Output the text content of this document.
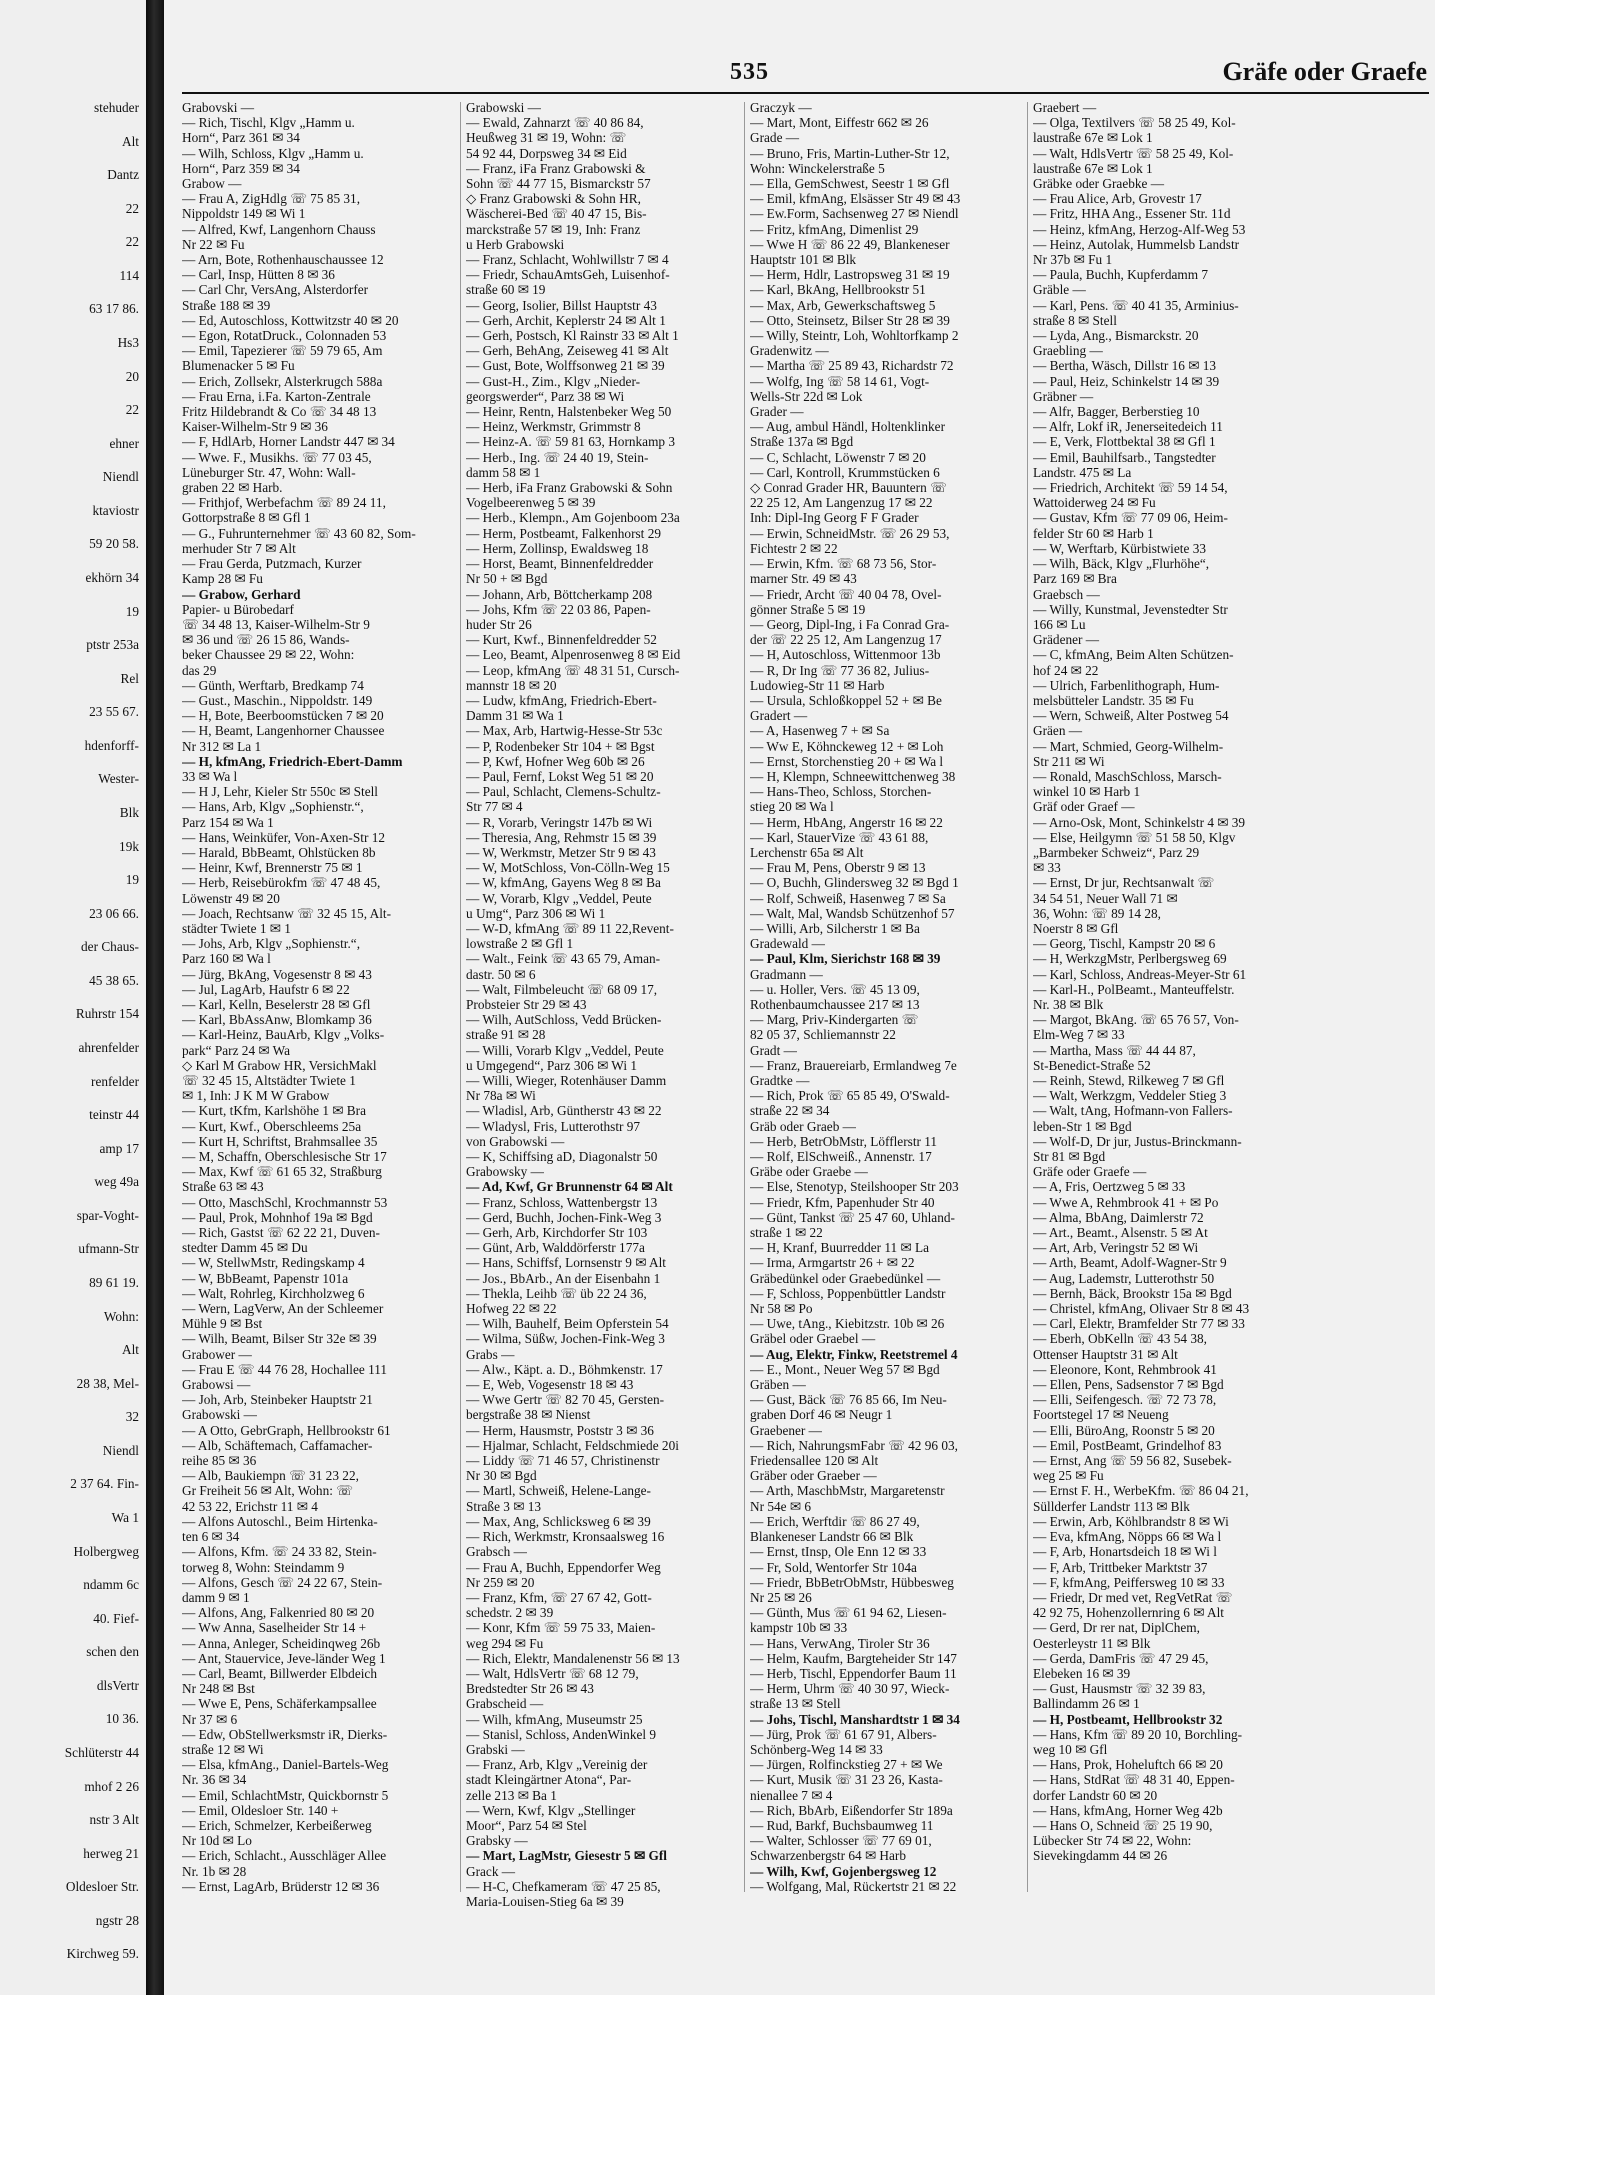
stehuder
Alt
Dantz
22
22
114
63 17 86.
Hs3
20
22
ehner
Niendl
ktaviostr
59 20 58.
ekhörn 34
19
ptstr 253a
Rel
23 55 67.
hdenforff-
Wester-
Blk
19k
19
23 06 66.
der Chaus-
45 38 65.
Ruhrstr 154
ahrenfelder
renfelder
teinstr 44
amp 17
weg 49a
spar-Voght-
ufmann-Str
89 61 19.
Wohn:
Alt
28 38, Mel-
32
Niendl
2 37 64. Fin-
Wa 1
Holbergweg
ndamm 6c
40. Fief-
schen den
dlsVertr
10 36.
Schlüterstr 44
mhof 2 26
nstr 3 Alt
herweg 21
Oldesloer Str.
ngstr 28
Kirchweg 59.
535	Gräfe oder Graefe
Grabovski —
— Rich, Tischl, Klgv „Hamm u.
Horn“, Parz 361 ✉ 34
— Wilh, Schloss, Klgv „Hamm u.
Horn“, Parz 359 ✉ 34
Grabow —
— Frau A, ZigHdlg ☏ 75 85 31,
Nippoldstr 149 ✉ Wi 1
— Alfred, Kwf, Langenhorn Chauss
Nr 22 ✉ Fu
— Arn, Bote, Rothenhauschaussee 12
— Carl, Insp, Hütten 8 ✉ 36
— Carl Chr, VersAng, Alsterdorfer
Straße 188 ✉ 39
— Ed, Autoschloss, Kottwitzstr 40 ✉ 20
— Egon, RotatDruck., Colonnaden 53
— Emil, Tapezierer ☏ 59 79 65, Am
Blumenacker 5 ✉ Fu
— Erich, Zollsekr, Alsterkrugch 588a
— Frau Erna, i.Fa. Karton-Zentrale
Fritz Hildebrandt & Co ☏ 34 48 13
Kaiser-Wilhelm-Str 9 ✉ 36
— F, HdlArb, Horner Landstr 447 ✉ 34
— Wwe. F., Musikhs. ☏ 77 03 45,
Lüneburger Str. 47, Wohn: Wall-
graben 22 ✉ Harb.
— Frithjof, Werbefachm ☏ 89 24 11,
Gottorpstraße 8 ✉ Gfl 1
— G., Fuhrunternehmer ☏ 43 60 82, Som-
merhuder Str 7 ✉ Alt
— Frau Gerda, Putzmach, Kurzer
Kamp 28 ✉ Fu
— Grabow, Gerhard
Papier- u Bürobedarf
☏ 34 48 13, Kaiser-Wilhelm-Str 9
✉ 36 und ☏ 26 15 86, Wands-
beker Chaussee 29 ✉ 22, Wohn:
das 29
— Günth, Werftarb, Bredkamp 74
— Gust., Maschin., Nippoldstr. 149
— H, Bote, Beerboomstücken 7 ✉ 20
— H, Beamt, Langenhorner Chaussee
Nr 312 ✉ La 1
— H, kfmAng, Friedrich-Ebert-Damm
33 ✉ Wa l
— H J, Lehr, Kieler Str 550c ✉ Stell
— Hans, Arb, Klgv „Sophienstr.“,
Parz 154 ✉ Wa 1
— Hans, Weinküfer, Von-Axen-Str 12
— Harald, BbBeamt, Ohlstücken 8b
— Heinr, Kwf, Brennerstr 75 ✉ 1
— Herb, Reisebürokfm ☏ 47 48 45,
Löwenstr 49 ✉ 20
— Joach, Rechtsanw ☏ 32 45 15, Alt-
städter Twiete 1 ✉ 1
— Johs, Arb, Klgv „Sophienstr.“,
Parz 160 ✉ Wa l
— Jürg, BkAng, Vogesenstr 8 ✉ 43
— Jul, LagArb, Haufstr 6 ✉ 22
— Karl, Kelln, Beselerstr 28 ✉ Gfl
— Karl, BbAssAnw, Blomkamp 36
— Karl-Heinz, BauArb, Klgv „Volks-
park“ Parz 24 ✉ Wa
◇ Karl M Grabow HR, VersichMakl
☏ 32 45 15, Altstädter Twiete 1
✉ 1, Inh: J K M W Grabow
— Kurt, tKfm, Karlshöhe 1 ✉ Bra
— Kurt, Kwf., Oberschleems 25a
— Kurt H, Schriftst, Brahmsallee 35
— M, Schaffn, Oberschlesische Str 17
— Max, Kwf ☏ 61 65 32, Straßburg
Straße 63 ✉ 43
— Otto, MaschSchl, Krochmannstr 53
— Paul, Prok, Mohnhof 19a ✉ Bgd
— Rich, Gastst ☏ 62 22 21, Duven-
stedter Damm 45 ✉ Du
— W, StellwMstr, Redingskamp 4
— W, BbBeamt, Papenstr 101a
— Walt, Rohrleg, Kirchholzweg 6
— Wern, LagVerw, An der Schleemer
Mühle 9 ✉ Bst
— Wilh, Beamt, Bilser Str 32e ✉ 39
Grabower —
— Frau E ☏ 44 76 28, Hochallee 111
Grabowsi —
— Joh, Arb, Steinbeker Hauptstr 21
Grabowski —
— A Otto, GebrGraph, Hellbrookstr 61
— Alb, Schäftemach, Caffamacher-
reihe 85 ✉ 36
— Alb, Baukiempn ☏ 31 23 22,
Gr Freiheit 56 ✉ Alt, Wohn: ☏
42 53 22, Erichstr 11 ✉ 4
— Alfons Autoschl., Beim Hirtenka-
ten 6 ✉ 34
— Alfons, Kfm. ☏ 24 33 82, Stein-
torweg 8, Wohn: Steindamm 9
— Alfons, Gesch ☏ 24 22 67, Stein-
damm 9 ✉ 1
— Alfons, Ang, Falkenried 80 ✉ 20
— Ww Anna, Saselheider Str 14 +
— Anna, Anleger, Scheidinqweg 26b
— Ant, Stauervice, Jeve-länder Weg 1
— Carl, Beamt, Billwerder Elbdeich
Nr 248 ✉ Bst
— Wwe E, Pens, Schäferkampsallee
Nr 37 ✉ 6
— Edw, ObStellwerksmstr iR, Dierks-
straße 12 ✉ Wi
— Elsa, kfmAng., Daniel-Bartels-Weg
Nr. 36 ✉ 34
— Emil, SchlachtMstr, Quickbornstr 5
— Emil, Oldesloer Str. 140 +
— Erich, Schmelzer, Kerbeißerweg
Nr 10d ✉ Lo
— Erich, Schlacht., Ausschläger Allee
Nr. 1b ✉ 28
— Ernst, LagArb, Brüderstr 12 ✉ 36
Grabowski —
— Ewald, Zahnarzt ☏ 40 86 84,
Heußweg 31 ✉ 19, Wohn: ☏
54 92 44, Dorpsweg 34 ✉ Eid
— Franz, iFa Franz Grabowski &
Sohn ☏ 44 77 15, Bismarckstr 57
◇ Franz Grabowski & Sohn HR,
Wäscherei-Bed ☏ 40 47 15, Bis-
marckstraße 57 ✉ 19, Inh: Franz
u Herb Grabowski
— Franz, Schlacht, Wohlwillstr 7 ✉ 4
— Friedr, SchauAmtsGeh, Luisenhof-
straße 60 ✉ 19
— Georg, Isolier, Billst Hauptstr 43
— Gerh, Archit, Keplerstr 24 ✉ Alt 1
— Gerh, Postsch, Kl Rainstr 33 ✉ Alt 1
— Gerh, BehAng, Zeiseweg 41 ✉ Alt
— Gust, Bote, Wolffsonweg 21 ✉ 39
— Gust-H., Zim., Klgv „Nieder-
georgswerder“, Parz 38 ✉ Wi
— Heinr, Rentn, Halstenbeker Weg 50
— Heinz, Werkmstr, Grimmstr 8
— Heinz-A. ☏ 59 81 63, Hornkamp 3
— Herb., Ing. ☏ 24 40 19, Stein-
damm 58 ✉ 1
— Herb, iFa Franz Grabowski & Sohn
Vogelbeerenweg 5 ✉ 39
— Herb., Klempn., Am Gojenboom 23a
— Herm, Postbeamt, Falkenhorst 29
— Herm, Zollinsp, Ewaldsweg 18
— Horst, Beamt, Binnenfeldredder
Nr 50 + ✉ Bgd
— Johann, Arb, Böttcherkamp 208
— Johs, Kfm ☏ 22 03 86, Papen-
huder Str 26
— Kurt, Kwf., Binnenfeldredder 52
— Leo, Beamt, Alpenrosenweg 8 ✉ Eid
— Leop, kfmAng ☏ 48 31 51, Cursch-
mannstr 18 ✉ 20
— Ludw, kfmAng, Friedrich-Ebert-
Damm 31 ✉ Wa 1
— Max, Arb, Hartwig-Hesse-Str 53c
— P, Rodenbeker Str 104 + ✉ Bgst
— P, Kwf, Hofner Weg 60b ✉ 26
— Paul, Fernf, Lokst Weg 51 ✉ 20
— Paul, Schlacht, Clemens-Schultz-
Str 77 ✉ 4
— R, Vorarb, Veringstr 147b ✉ Wi
— Theresia, Ang, Rehmstr 15 ✉ 39
— W, Werkmstr, Metzer Str 9 ✉ 43
— W, MotSchloss, Von-Cölln-Weg 15
— W, kfmAng, Gayens Weg 8 ✉ Ba
— W, Vorarb, Klgv „Veddel, Peute
u Umg“, Parz 306 ✉ Wi 1
— W-D, kfmAng ☏ 89 11 22,Revent-
lowstraße 2 ✉ Gfl 1
— Walt., Feink ☏ 43 65 79, Aman-
dastr. 50 ✉ 6
— Walt, Filmbeleucht ☏ 68 09 17,
Probsteier Str 29 ✉ 43
— Wilh, AutSchloss, Vedd Brücken-
straße 91 ✉ 28
— Willi, Vorarb Klgv „Veddel, Peute
u Umgegend“, Parz 306 ✉ Wi 1
— Willi, Wieger, Rotenhäuser Damm
Nr 78a ✉ Wi
— Wladisl, Arb, Güntherstr 43 ✉ 22
— Wladysl, Fris, Lutterothstr 97
von Grabowski —
— K, Schiffsing aD, Diagonalstr 50
Grabowsky —
— Ad, Kwf, Gr Brunnenstr 64 ✉ Alt
— Franz, Schloss, Wattenbergstr 13
— Gerd, Buchh, Jochen-Fink-Weg 3
— Gerh, Arb, Kirchdorfer Str 103
— Günt, Arb, Walddörferstr 177a
— Hans, Schiffsf, Lornsenstr 9 ✉ Alt
— Jos., BbArb., An der Eisenbahn 1
— Thekla, Leihb ☏ üb 22 24 36,
Hofweg 22 ✉ 22
— Wilh, Bauhelf, Beim Opferstein 54
— Wilma, Süßw, Jochen-Fink-Weg 3
Grabs —
— Alw., Käpt. a. D., Böhmkenstr. 17
— E, Web, Vogesenstr 18 ✉ 43
— Wwe Gertr ☏ 82 70 45, Gersten-
bergstraße 38 ✉ Nienst
— Herm, Hausmstr, Poststr 3 ✉ 36
— Hjalmar, Schlacht, Feldschmiede 20i
— Liddy ☏ 71 46 57, Christinenstr
Nr 30 ✉ Bgd
— Martl, Schweiß, Helene-Lange-
Straße 3 ✉ 13
— Max, Ang, Schlicksweg 6 ✉ 39
— Rich, Werkmstr, Kronsaalsweg 16
Grabsch —
— Frau A, Buchh, Eppendorfer Weg
Nr 259 ✉ 20
— Franz, Kfm, ☏ 27 67 42, Gott-
schedstr. 2 ✉ 39
— Konr, Kfm ☏ 59 75 33, Maien-
weg 294 ✉ Fu
— Rich, Elektr, Mandalenenstr 56 ✉ 13
— Walt, HdlsVertr ☏ 68 12 79,
Bredstedter Str 26 ✉ 43
Grabscheid —
— Wilh, kfmAng, Museumstr 25
— Stanisl, Schloss, AndenWinkel 9
Grabski —
— Franz, Arb, Klgv „Vereinig der
stadt Kleingärtner Atona“, Par-
zelle 213 ✉ Ba 1
— Wern, Kwf, Klgv „Stellinger
Moor“, Parz 54 ✉ Stel
Grabsky —
— Mart, LagMstr, Giesestr 5 ✉ Gfl
Grack —
— H-C, Chefkameram ☏ 47 25 85,
Maria-Louisen-Stieg 6a ✉ 39
Graczyk —
— Mart, Mont, Eiffestr 662 ✉ 26
Grade —
— Bruno, Fris, Martin-Luther-Str 12,
Wohn: Winckelerstraße 5
— Ella, GemSchwest, Seestr 1 ✉ Gfl
— Emil, kfmAng, Elsässer Str 49 ✉ 43
— Ew.Form, Sachsenweg 27 ✉ Niendl
— Fritz, kfmAng, Dimenlist 29
— Wwe H ☏ 86 22 49, Blankeneser
Hauptstr 101 ✉ Blk
— Herm, Hdlr, Lastropsweg 31 ✉ 19
— Karl, BkAng, Hellbrookstr 51
— Max, Arb, Gewerkschaftsweg 5
— Otto, Steinsetz, Bilser Str 28 ✉ 39
— Willy, Steintr, Loh, Wohltorfkamp 2
Gradenwitz —
— Martha ☏ 25 89 43, Richardstr 72
— Wolfg, Ing ☏ 58 14 61, Vogt-
Wells-Str 22d ✉ Lok
Grader —
— Aug, ambul Händl, Holtenklinker
Straße 137a ✉ Bgd
— C, Schlacht, Löwenstr 7 ✉ 20
— Carl, Kontroll, Krummstücken 6
◇ Conrad Grader HR, Bauuntern ☏
22 25 12, Am Langenzug 17 ✉ 22
Inh: Dipl-Ing Georg F F Grader
— Erwin, SchneidMstr. ☏ 26 29 53,
Fichtestr 2 ✉ 22
— Erwin, Kfm. ☏ 68 73 56, Stor-
marner Str. 49 ✉ 43
— Friedr, Archt ☏ 40 04 78, Ovel-
gönner Straße 5 ✉ 19
— Georg, Dipl-Ing, i Fa Conrad Gra-
der ☏ 22 25 12, Am Langenzug 17
— H, Autoschloss, Wittenmoor 13b
— R, Dr Ing ☏ 77 36 82, Julius-
Ludowieg-Str 11 ✉ Harb
— Ursula, Schloßkoppel 52 + ✉ Be
Gradert —
— A, Hasenweg 7 + ✉ Sa
— Ww E, Köhnckeweg 12 + ✉ Loh
— Ernst, Storchenstieg 20 + ✉ Wa l
— H, Klempn, Schneewittchenweg 38
— Hans-Theo, Schloss, Storchen-
stieg 20 ✉ Wa l
— Herm, HbAng, Angerstr 16 ✉ 22
— Karl, StauerVize ☏ 43 61 88,
Lerchenstr 65a ✉ Alt
— Frau M, Pens, Oberstr 9 ✉ 13
— O, Buchh, Glindersweg 32 ✉ Bgd 1
— Rolf, Schweiß, Hasenweg 7 ✉ Sa
— Walt, Mal, Wandsb Schützenhof 57
— Willi, Arb, Silcherstr 1 ✉ Ba
Gradewald —
— Paul, Klm, Sierichstr 168 ✉ 39
Gradmann —
— u. Holler, Vers. ☏ 45 13 09,
Rothenbaumchaussee 217 ✉ 13
— Marg, Priv-Kindergarten ☏
82 05 37, Schliemannstr 22
Gradt —
— Franz, Brauereiarb, Ermlandweg 7e
Gradtke —
— Rich, Prok ☏ 65 85 49, O'Swald-
straße 22 ✉ 34
Gräb oder Graeb —
— Herb, BetrObMstr, Löfflerstr 11
— Rolf, ElSchweiß., Annenstr. 17
Gräbe oder Graebe —
— Else, Stenotyp, Steilshooper Str 203
— Friedr, Kfm, Papenhuder Str 40
— Günt, Tankst ☏ 25 47 60, Uhland-
straße 1 ✉ 22
— H, Kranf, Buurredder 11 ✉ La
— Irma, Armgartstr 26 + ✉ 22
Gräbedünkel oder Graebedünkel —
— F, Schloss, Poppenbüttler Landstr
Nr 58 ✉ Po
— Uwe, tAng., Kiebitzstr. 10b ✉ 26
Gräbel oder Graebel —
— Aug, Elektr, Finkw, Reetstremel 4
— E., Mont., Neuer Weg 57 ✉ Bgd
Gräben —
— Gust, Bäck ☏ 76 85 66, Im Neu-
graben Dorf 46 ✉ Neugr 1
Graebener —
— Rich, NahrungsmFabr ☏ 42 96 03,
Friedensallee 120 ✉ Alt
Gräber oder Graeber —
— Arth, MaschbMstr, Margaretenstr
Nr 54e ✉ 6
— Erich, Werftdir ☏ 86 27 49,
Blankeneser Landstr 66 ✉ Blk
— Ernst, tInsp, Ole Enn 12 ✉ 33
— Fr, Sold, Wentorfer Str 104a
— Friedr, BbBetrObMstr, Hübbesweg
Nr 25 ✉ 26
— Günth, Mus ☏ 61 94 62, Liesen-
kampstr 10b ✉ 33
— Hans, VerwAng, Tiroler Str 36
— Helm, Kaufm, Bargteheider Str 147
— Herb, Tischl, Eppendorfer Baum 11
— Herm, Uhrm ☏ 40 30 97, Wieck-
straße 13 ✉ Stell
— Johs, Tischl, Manshardtstr 1 ✉ 34
— Jürg, Prok ☏ 61 67 91, Albers-
Schönberg-Weg 14 ✉ 33
— Jürgen, Rolfinckstieg 27 + ✉ We
— Kurt, Musik ☏ 31 23 26, Kasta-
nienallee 7 ✉ 4
— Rich, BbArb, Eißendorfer Str 189a
— Rud, Barkf, Buchsbaumweg 11
— Walter, Schlosser ☏ 77 69 01,
Schwarzenbergstr 64 ✉ Harb
— Wilh, Kwf, Gojenbergsweg 12
— Wolfgang, Mal, Rückertstr 21 ✉ 22
Graebert —
— Olga, Textilvers ☏ 58 25 49, Kol-
laustraße 67e ✉ Lok 1
— Walt, HdlsVertr ☏ 58 25 49, Kol-
laustraße 67e ✉ Lok 1
Gräbke oder Graebke —
— Frau Alice, Arb, Grovestr 17
— Fritz, HHA Ang., Essener Str. 11d
— Heinz, kfmAng, Herzog-Alf-Weg 53
— Heinz, Autolak, Hummelsb Landstr
Nr 37b ✉ Fu 1
— Paula, Buchh, Kupferdamm 7
Gräble —
— Karl, Pens. ☏ 40 41 35, Arminius-
straße 8 ✉ Stell
— Lyda, Ang., Bismarckstr. 20
Graebling —
— Bertha, Wäsch, Dillstr 16 ✉ 13
— Paul, Heiz, Schinkelstr 14 ✉ 39
Gräbner —
— Alfr, Bagger, Berberstieg 10
— Alfr, Lokf iR, Jenerseitedeich 11
— E, Verk, Flottbektal 38 ✉ Gfl 1
— Emil, Bauhilfsarb., Tangstedter
Landstr. 475 ✉ La
— Friedrich, Architekt ☏ 59 14 54,
Wattoiderweg 24 ✉ Fu
— Gustav, Kfm ☏ 77 09 06, Heim-
felder Str 60 ✉ Harb 1
— W, Werftarb, Kürbistwiete 33
— Wilh, Bäck, Klgv „Flurhöhe“,
Parz 169 ✉ Bra
Graebsch —
— Willy, Kunstmal, Jevenstedter Str
166 ✉ Lu
Grädener —
— C, kfmAng, Beim Alten Schützen-
hof 24 ✉ 22
— Ulrich, Farbenlithograph, Hum-
melsbütteler Landstr. 35 ✉ Fu
— Wern, Schweiß, Alter Postweg 54
Gräen —
— Mart, Schmied, Georg-Wilhelm-
Str 211 ✉ Wi
— Ronald, MaschSchloss, Marsch-
winkel 10 ✉ Harb 1
Gräf oder Graef —
— Arno-Osk, Mont, Schinkelstr 4 ✉ 39
— Else, Heilgymn ☏ 51 58 50, Klgv
„Barmbeker Schweiz“, Parz 29
✉ 33
— Ernst, Dr jur, Rechtsanwalt ☏
34 54 51, Neuer Wall 71 ✉
36, Wohn: ☏ 89 14 28,
Noerstr 8 ✉ Gfl
— Georg, Tischl, Kampstr 20 ✉ 6
— H, WerkzgMstr, Perlbergsweg 69
— Karl, Schloss, Andreas-Meyer-Str 61
— Karl-H., PolBeamt., Manteuffelstr.
Nr. 38 ✉ Blk
— Margot, BkAng. ☏ 65 76 57, Von-
Elm-Weg 7 ✉ 33
— Martha, Mass ☏ 44 44 87,
St-Benedict-Straße 52
— Reinh, Stewd, Rilkeweg 7 ✉ Gfl
— Walt, Werkzgm, Veddeler Stieg 3
— Walt, tAng, Hofmann-von Fallers-
leben-Str 1 ✉ Bgd
— Wolf-D, Dr jur, Justus-Brinckmann-
Str 81 ✉ Bgd
Gräfe oder Graefe —
— A, Fris, Oertzweg 5 ✉ 33
— Wwe A, Rehmbrook 41 + ✉ Po
— Alma, BbAng, Daimlerstr 72
— Art., Beamt., Alsenstr. 5 ✉ At
— Art, Arb, Veringstr 52 ✉ Wi
— Arth, Beamt, Adolf-Wagner-Str 9
— Aug, Lademstr, Lutterothstr 50
— Bernh, Bäck, Brookstr 15a ✉ Bgd
— Christel, kfmAng, Olivaer Str 8 ✉ 43
— Carl, Elektr, Bramfelder Str 77 ✉ 33
— Eberh, ObKelln ☏ 43 54 38,
Ottenser Hauptstr 31 ✉ Alt
— Eleonore, Kont, Rehmbrook 41
— Ellen, Pens, Sadsenstor 7 ✉ Bgd
— Elli, Seifengesch. ☏ 72 73 78,
Foortstegel 17 ✉ Neueng
— Elli, BüroAng, Roonstr 5 ✉ 20
— Emil, PostBeamt, Grindelhof 83
— Ernst, Ang ☏ 59 56 82, Susebek-
weg 25 ✉ Fu
— Ernst F. H., WerbeKfm. ☏ 86 04 21,
Süllderfer Landstr 113 ✉ Blk
— Erwin, Arb, Köhlbrandstr 8 ✉ Wi
— Eva, kfmAng, Nöpps 66 ✉ Wa l
— F, Arb, Honartsdeich 18 ✉ Wi l
— F, Arb, Trittbeker Marktstr 37
— F, kfmAng, Peiffersweg 10 ✉ 33
— Friedr, Dr med vet, RegVetRat ☏
42 92 75, Hohenzollernring 6 ✉ Alt
— Gerd, Dr rer nat, DiplChem,
Oesterleystr 11 ✉ Blk
— Gerda, DamFris ☏ 47 29 45,
Elebeken 16 ✉ 39
— Gust, Hausmstr ☏ 32 39 83,
Ballindamm 26 ✉ 1
— H, Postbeamt, Hellbrookstr 32
— Hans, Kfm ☏ 89 20 10, Borchling-
weg 10 ✉ Gfl
— Hans, Prok, Hoheluftch 66 ✉ 20
— Hans, StdRat ☏ 48 31 40, Eppen-
dorfer Landstr 60 ✉ 20
— Hans, kfmAng, Horner Weg 42b
— Hans O, Schneid ☏ 25 19 90,
Lübecker Str 74 ✉ 22, Wohn:
Sievekingdamm 44 ✉ 26
